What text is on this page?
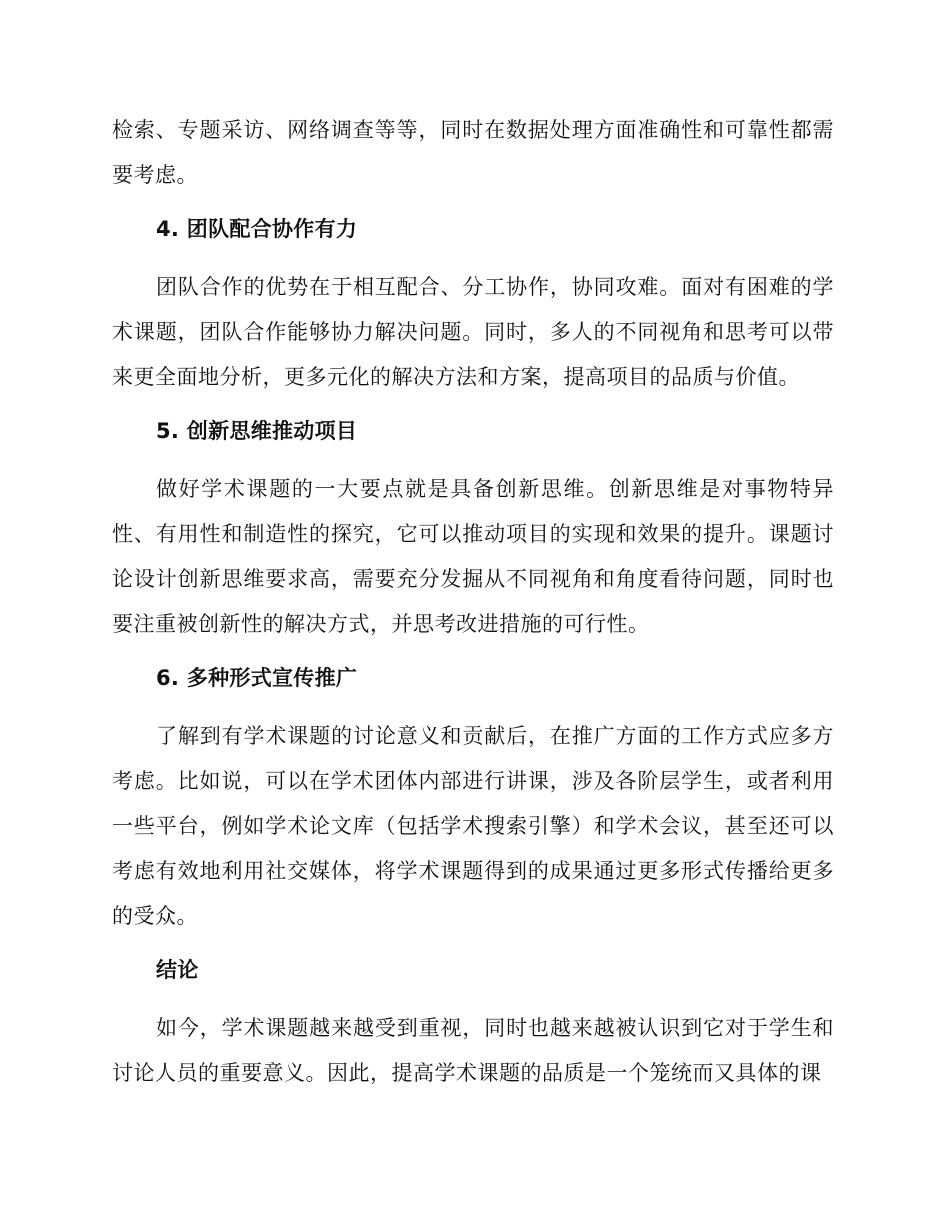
检索、专题采访、网络调查等等，同时在数据处理方面准确性和可靠性都需要考虑。

4. 团队配合协作有力

团队合作的优势在于相互配合、分工协作，协同攻难。面对有困难的学术课题，团队合作能够协力解决问题。同时，多人的不同视角和思考可以带来更全面地分析，更多元化的解决方法和方案，提高项目的品质与价值。

5. 创新思维推动项目

做好学术课题的一大要点就是具备创新思维。创新思维是对事物特异性、有用性和制造性的探究，它可以推动项目的实现和效果的提升。课题讨论设计创新思维要求高，需要充分发掘从不同视角和角度看待问题，同时也要注重被创新性的解决方式，并思考改进措施的可行性。

6. 多种形式宣传推广

了解到有学术课题的讨论意义和贡献后，在推广方面的工作方式应多方考虑。比如说，可以在学术团体内部进行讲课，涉及各阶层学生，或者利用一些平台，例如学术论文库（包括学术搜索引擎）和学术会议，甚至还可以考虑有效地利用社交媒体，将学术课题得到的成果通过更多形式传播给更多的受众。

结论

如今，学术课题越来越受到重视，同时也越来越被认识到它对于学生和讨论人员的重要意义。因此，提高学术课题的品质是一个笼统而又具体的课
